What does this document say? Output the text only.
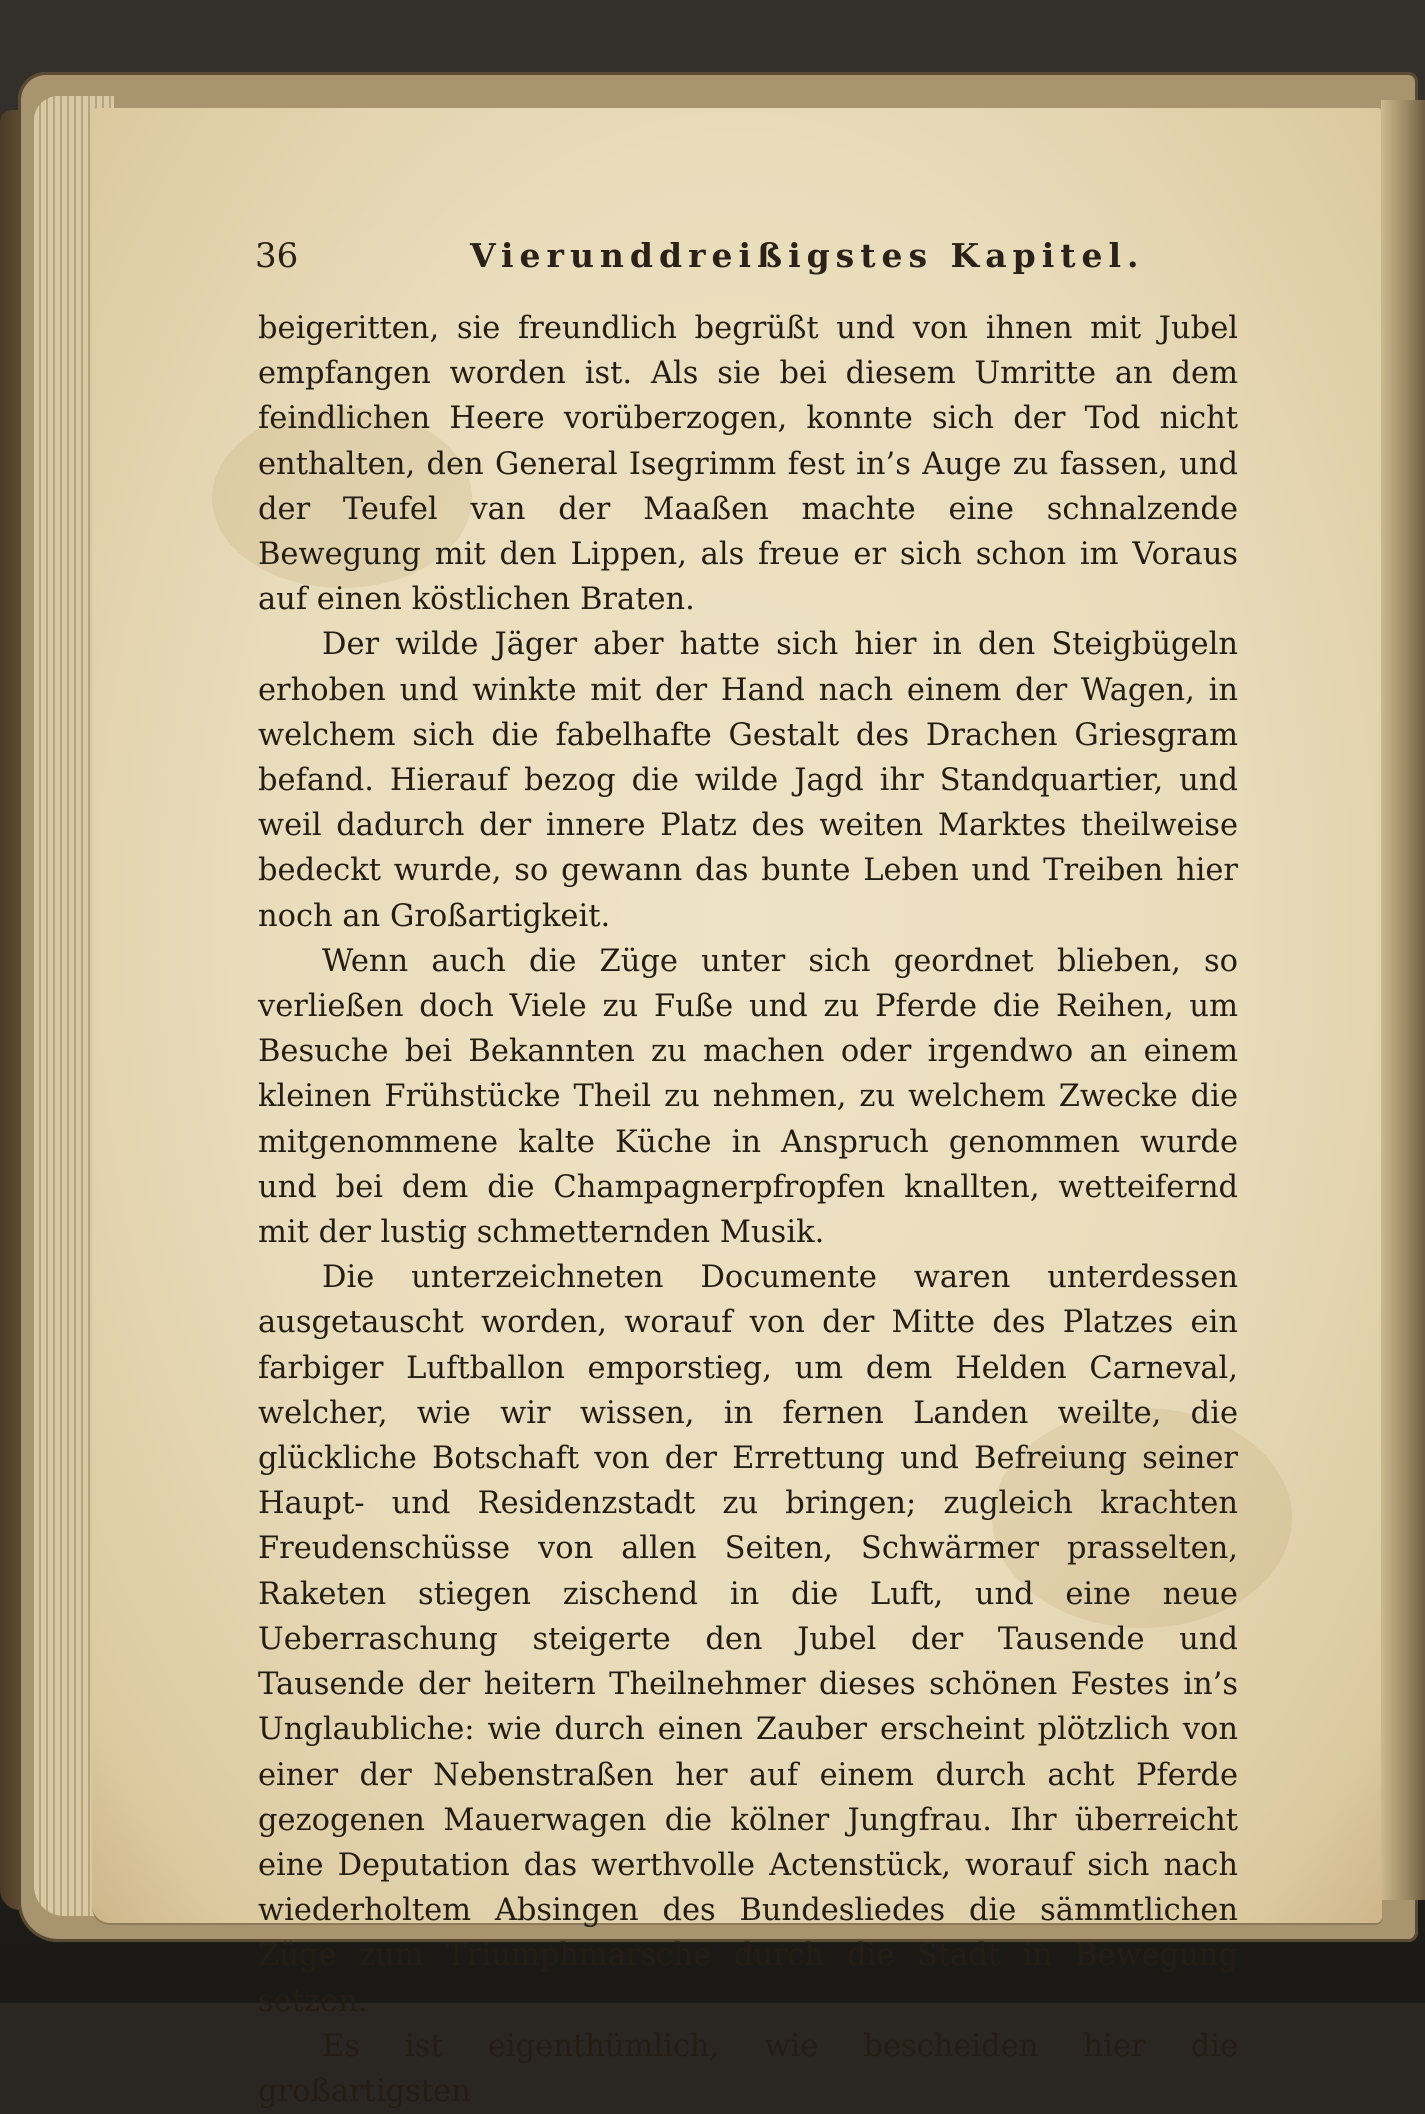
36	Vierunddreißigstes Kapitel.

beigeritten, sie freundlich begrüßt und von ihnen mit Jubel empfangen worden ist. Als sie bei diesem Umritte an dem feindlichen Heere vorüberzogen, konnte sich der Tod nicht enthalten, den General Isegrimm fest in’s Auge zu fassen, und der Teufel van der Maaßen machte eine schnalzende Bewegung mit den Lippen, als freue er sich schon im Voraus auf einen köstlichen Braten.

Der wilde Jäger aber hatte sich hier in den Steigbügeln erhoben und winkte mit der Hand nach einem der Wagen, in welchem sich die fabelhafte Gestalt des Drachen Griesgram befand. Hierauf bezog die wilde Jagd ihr Standquartier, und weil dadurch der innere Platz des weiten Marktes theilweise bedeckt wurde, so gewann das bunte Leben und Treiben hier noch an Großartigkeit.

Wenn auch die Züge unter sich geordnet blieben, so verließen doch Viele zu Fuße und zu Pferde die Reihen, um Besuche bei Bekannten zu machen oder irgendwo an einem kleinen Frühstücke Theil zu nehmen, zu welchem Zwecke die mitgenommene kalte Küche in Anspruch genommen wurde und bei dem die Champagnerpfropfen knallten, wetteifernd mit der lustig schmetternden Musik.

Die unterzeichneten Documente waren unterdessen ausgetauscht worden, worauf von der Mitte des Platzes ein farbiger Luftballon emporstieg, um dem Helden Carneval, welcher, wie wir wissen, in fernen Landen weilte, die glückliche Botschaft von der Errettung und Befreiung seiner Haupt- und Residenzstadt zu bringen; zugleich krachten Freudenschüsse von allen Seiten, Schwärmer prasselten, Raketen stiegen zischend in die Luft, und eine neue Ueberraschung steigerte den Jubel der Tausende und Tausende der heitern Theilnehmer dieses schönen Festes in’s Unglaubliche: wie durch einen Zauber erscheint plötzlich von einer der Nebenstraßen her auf einem durch acht Pferde gezogenen Mauerwagen die kölner Jungfrau. Ihr überreicht eine Deputation das werthvolle Actenstück, worauf sich nach wiederholtem Absingen des Bundesliedes die sämmtlichen Züge zum Triumphmarsche durch die Stadt in Bewegung setzen.

Es ist eigenthümlich, wie bescheiden hier die großartigsten
